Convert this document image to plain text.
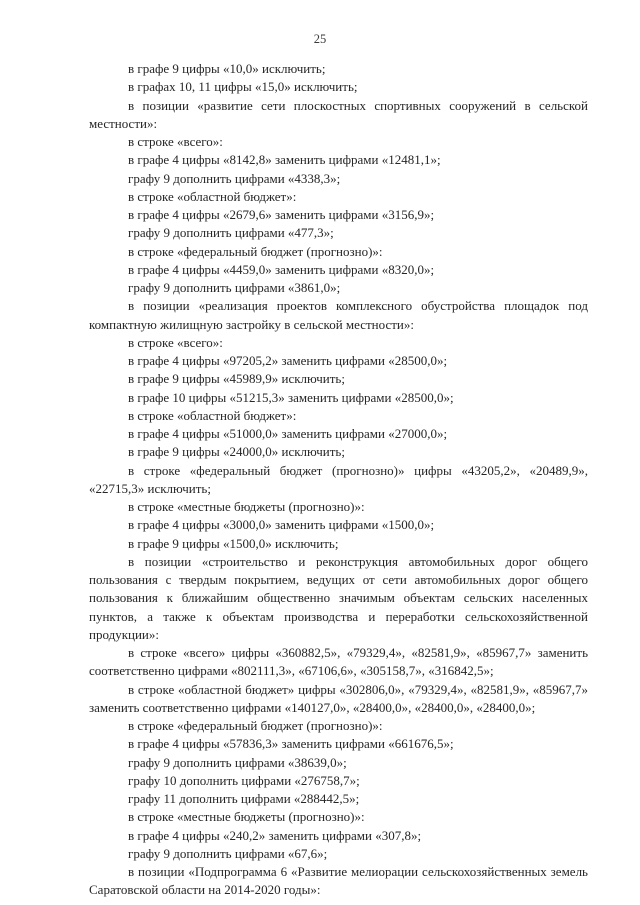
25

в графе 9 цифры «10,0» исключить;

в графах 10, 11 цифры «15,0» исключить;

в позиции «развитие сети плоскостных спортивных сооружений в сельской местности»:

в строке «всего»:

в графе 4 цифры «8142,8» заменить цифрами «12481,1»;

графу 9 дополнить цифрами «4338,3»;

в строке «областной бюджет»:

в графе 4 цифры «2679,6» заменить цифрами «3156,9»;

графу 9 дополнить цифрами «477,3»;

в строке «федеральный бюджет (прогнозно)»:

в графе 4 цифры «4459,0» заменить цифрами «8320,0»;

графу 9 дополнить цифрами «3861,0»;

в позиции «реализация проектов комплексного обустройства площадок под компактную жилищную застройку в сельской местности»:

в строке «всего»:

в графе 4 цифры «97205,2» заменить цифрами «28500,0»;

в графе 9 цифры «45989,9» исключить;

в графе 10 цифры «51215,3» заменить цифрами «28500,0»;

в строке «областной бюджет»:

в графе 4 цифры «51000,0» заменить цифрами «27000,0»;

в графе 9 цифры «24000,0» исключить;

в строке «федеральный бюджет (прогнозно)» цифры «43205,2», «20489,9», «22715,3» исключить;

в строке «местные бюджеты (прогнозно)»:

в графе 4 цифры «3000,0» заменить цифрами «1500,0»;

в графе 9 цифры «1500,0» исключить;

в позиции «строительство и реконструкция автомобильных дорог общего пользования с твердым покрытием, ведущих от сети автомобильных дорог общего пользования к ближайшим общественно значимым объектам сельских населенных пунктов, а также к объектам производства и переработки сельскохозяйственной продукции»:

в строке «всего» цифры «360882,5», «79329,4», «82581,9», «85967,7» заменить соответственно цифрами «802111,3», «67106,6», «305158,7», «316842,5»;

в строке «областной бюджет» цифры «302806,0», «79329,4», «82581,9», «85967,7» заменить соответственно цифрами «140127,0», «28400,0», «28400,0», «28400,0»;

в строке «федеральный бюджет (прогнозно)»:

в графе 4 цифры «57836,3» заменить цифрами «661676,5»;

графу 9 дополнить цифрами «38639,0»;

графу 10 дополнить цифрами «276758,7»;

графу 11 дополнить цифрами «288442,5»;

в строке «местные бюджеты (прогнозно)»:

в графе 4 цифры «240,2» заменить цифрами «307,8»;

графу 9 дополнить цифрами «67,6»;

в позиции «Подпрограмма 6 «Развитие мелиорации сельскохозяйственных земель Саратовской области на 2014-2020 годы»:
